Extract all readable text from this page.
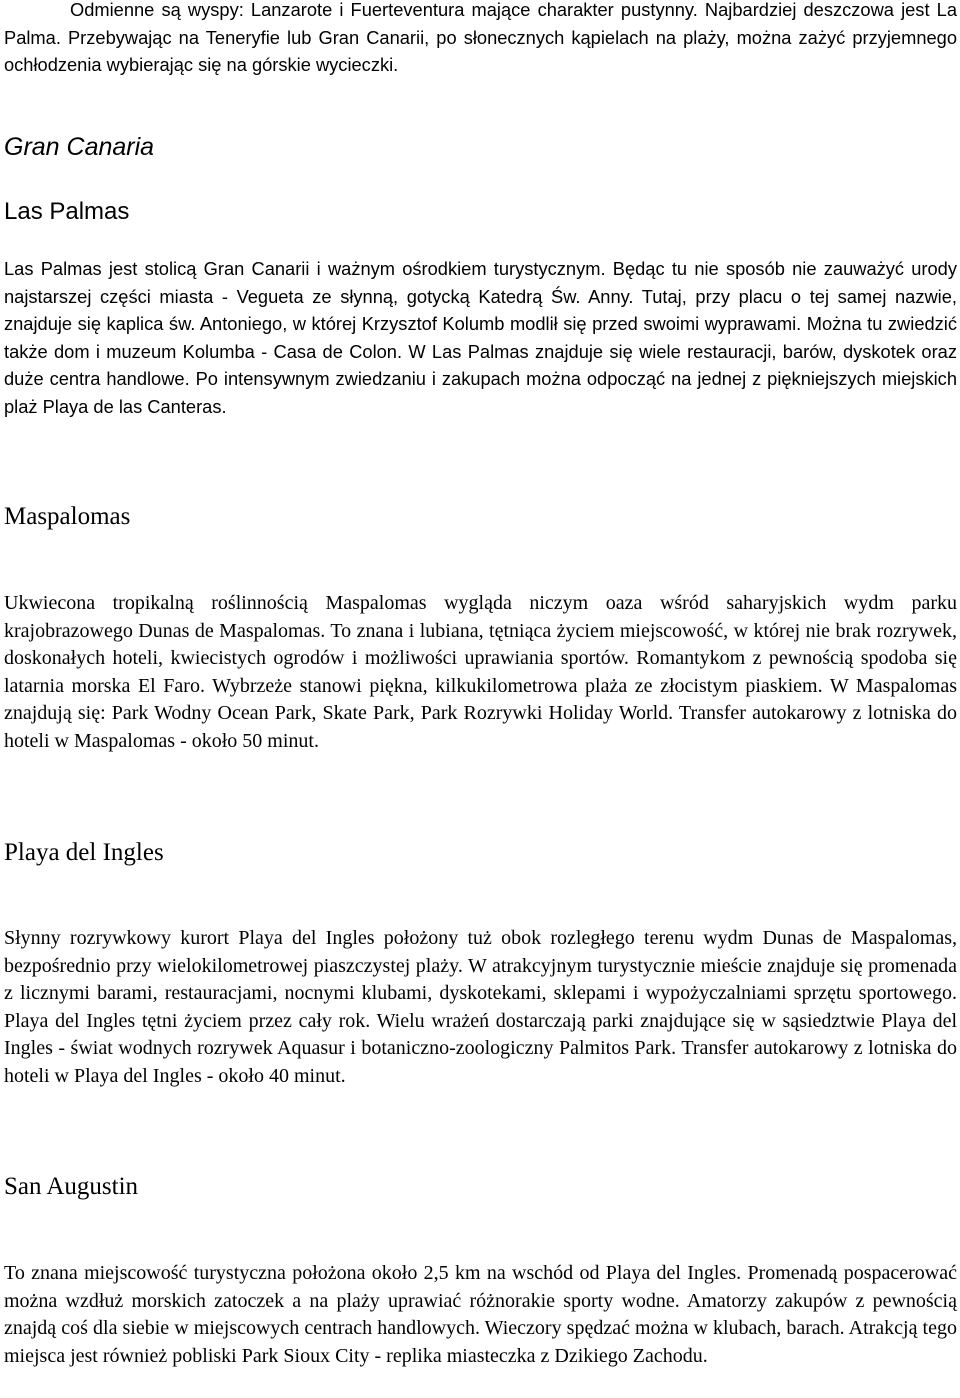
Odmienne są wyspy: Lanzarote i Fuerteventura mające charakter pustynny. Najbardziej deszczowa jest La Palma. Przebywając na Teneryfie lub Gran Canarii, po słonecznych kąpielach na plaży, można zażyć przyjemnego ochłodzenia wybierając się na górskie wycieczki.

Gran Canaria
Las Palmas

Las Palmas jest stolicą Gran Canarii i ważnym ośrodkiem turystycznym. Będąc tu nie sposób nie zauważyć urody najstarszej części miasta - Vegueta ze słynną, gotycką Katedrą Św. Anny. Tutaj, przy placu o tej samej nazwie, znajduje się kaplica św. Antoniego, w której Krzysztof Kolumb modlił się przed swoimi wyprawami. Można tu zwiedzić także dom i muzeum Kolumba - Casa de Colon. W Las Palmas znajduje się wiele restauracji, barów, dyskotek oraz duże centra handlowe. Po intensywnym zwiedzaniu i zakupach można odpocząć na jednej z piękniejszych miejskich plaż Playa de las Canteras.

Maspalomas

Ukwiecona tropikalną roślinnością Maspalomas wygląda niczym oaza wśród saharyjskich wydm parku krajobrazowego Dunas de Maspalomas. To znana i lubiana, tętniąca życiem miejscowość, w której nie brak rozrywek, doskonałych hoteli, kwiecistych ogrodów i możliwości uprawiania sportów. Romantykom z pewnością spodoba się latarnia morska El Faro. Wybrzeże stanowi piękna, kilkukilometrowa plaża ze złocistym piaskiem. W Maspalomas znajdują się: Park Wodny Ocean Park, Skate Park, Park Rozrywki Holiday World. Transfer autokarowy z lotniska do hoteli w Maspalomas - około 50 minut.

Playa del Ingles

Słynny rozrywkowy kurort Playa del Ingles położony tuż obok rozległego terenu wydm Dunas de Maspalomas, bezpośrednio przy wielokilometrowej piaszczystej plaży. W atrakcyjnym turystycznie mieście znajduje się promenada z licznymi barami, restauracjami, nocnymi klubami, dyskotekami, sklepami i wypożyczalniami sprzętu sportowego. Playa del Ingles tętni życiem przez cały rok. Wielu wrażeń dostarczają parki znajdujące się w sąsiedztwie Playa del Ingles - świat wodnych rozrywek Aquasur i botaniczno-zoologiczny Palmitos Park. Transfer autokarowy z lotniska do hoteli w Playa del Ingles - około 40 minut.

San Augustin

To znana miejscowość turystyczna położona około 2,5 km na wschód od Playa del Ingles. Promenadą pospacerować można wzdłuż morskich zatoczek a na plaży uprawiać różnorakie sporty wodne. Amatorzy zakupów z pewnością znajdą coś dla siebie w miejscowych centrach handlowych. Wieczory spędzać można w klubach, barach. Atrakcją tego miejsca jest również pobliski Park Sioux City - replika miasteczka z Dzikiego Zachodu.
